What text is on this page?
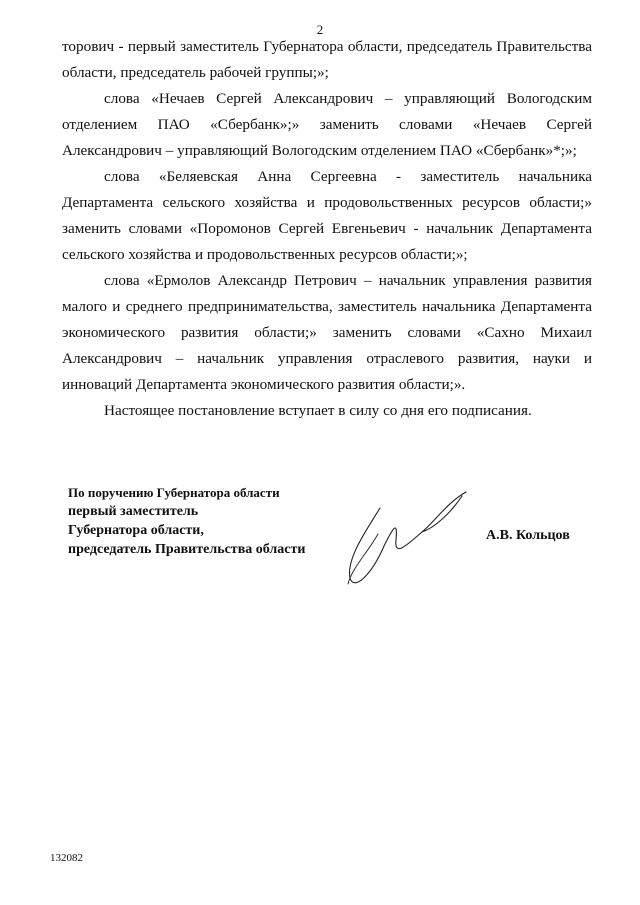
2

торович - первый заместитель Губернатора области, председатель Правительства области, председатель рабочей группы;»;

слова «Нечаев Сергей Александрович – управляющий Вологодским отделением ПАО «Сбербанк»;» заменить словами «Нечаев Сергей Александрович – управляющий Вологодским отделением ПАО «Сбербанк»*;»;

слова «Беляевская Анна Сергеевна - заместитель начальника Департамента сельского хозяйства и продовольственных ресурсов области;» заменить словами «Поромонов Сергей Евгеньевич - начальник Департамента сельского хозяйства и продовольственных ресурсов области;»;

слова «Ермолов Александр Петрович – начальник управления развития малого и среднего предпринимательства, заместитель начальника Департамента экономического развития области;» заменить словами «Сахно Михаил Александрович – начальник управления отраслевого развития, науки и инноваций Департамента экономического развития области;».

Настоящее постановление вступает в силу со дня его подписания.

По поручению Губернатора области
первый заместитель
Губернатора области,
председатель Правительства области
А.В. Кольцов
132082
